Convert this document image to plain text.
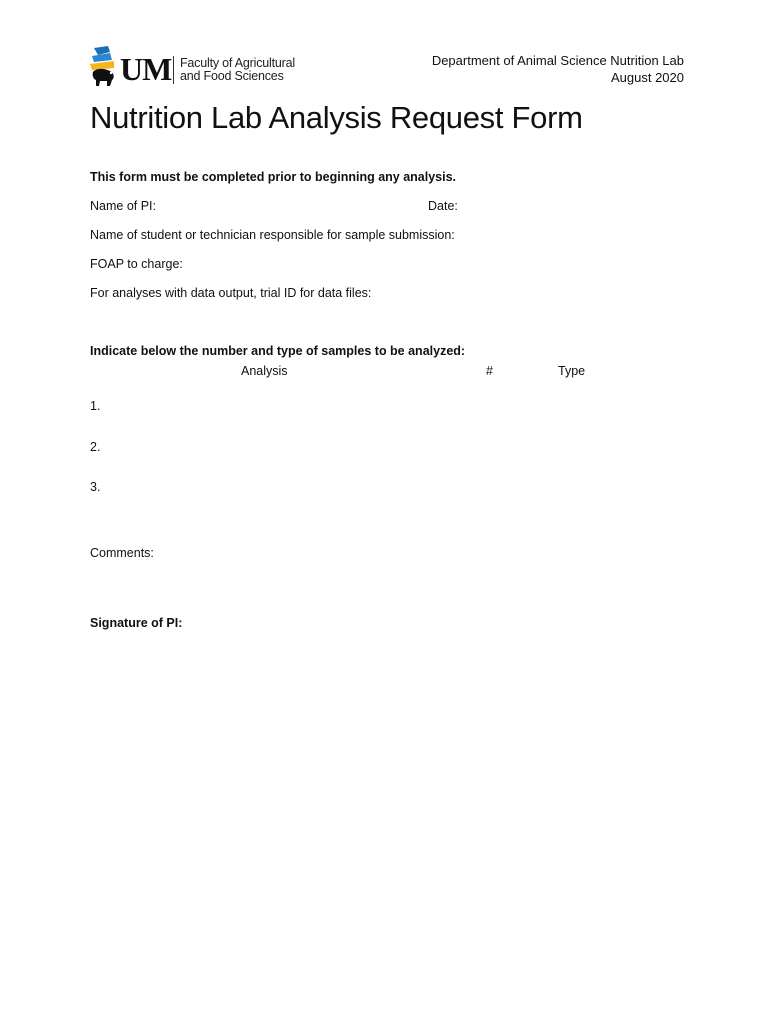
UM Faculty of Agricultural
and Food Sciences
Department of Animal Science Nutrition Lab
August 2020
Nutrition Lab Analysis Request Form
This form must be completed prior to beginning any analysis.
Name of PI:	Date:
Name of student or technician responsible for sample submission:
FOAP to charge:
For analyses with data output, trial ID for data files:
Indicate below the number and type of samples to be analyzed:
Analysis	#	Type
1.
2.
3.
Comments:
Signature of PI:
